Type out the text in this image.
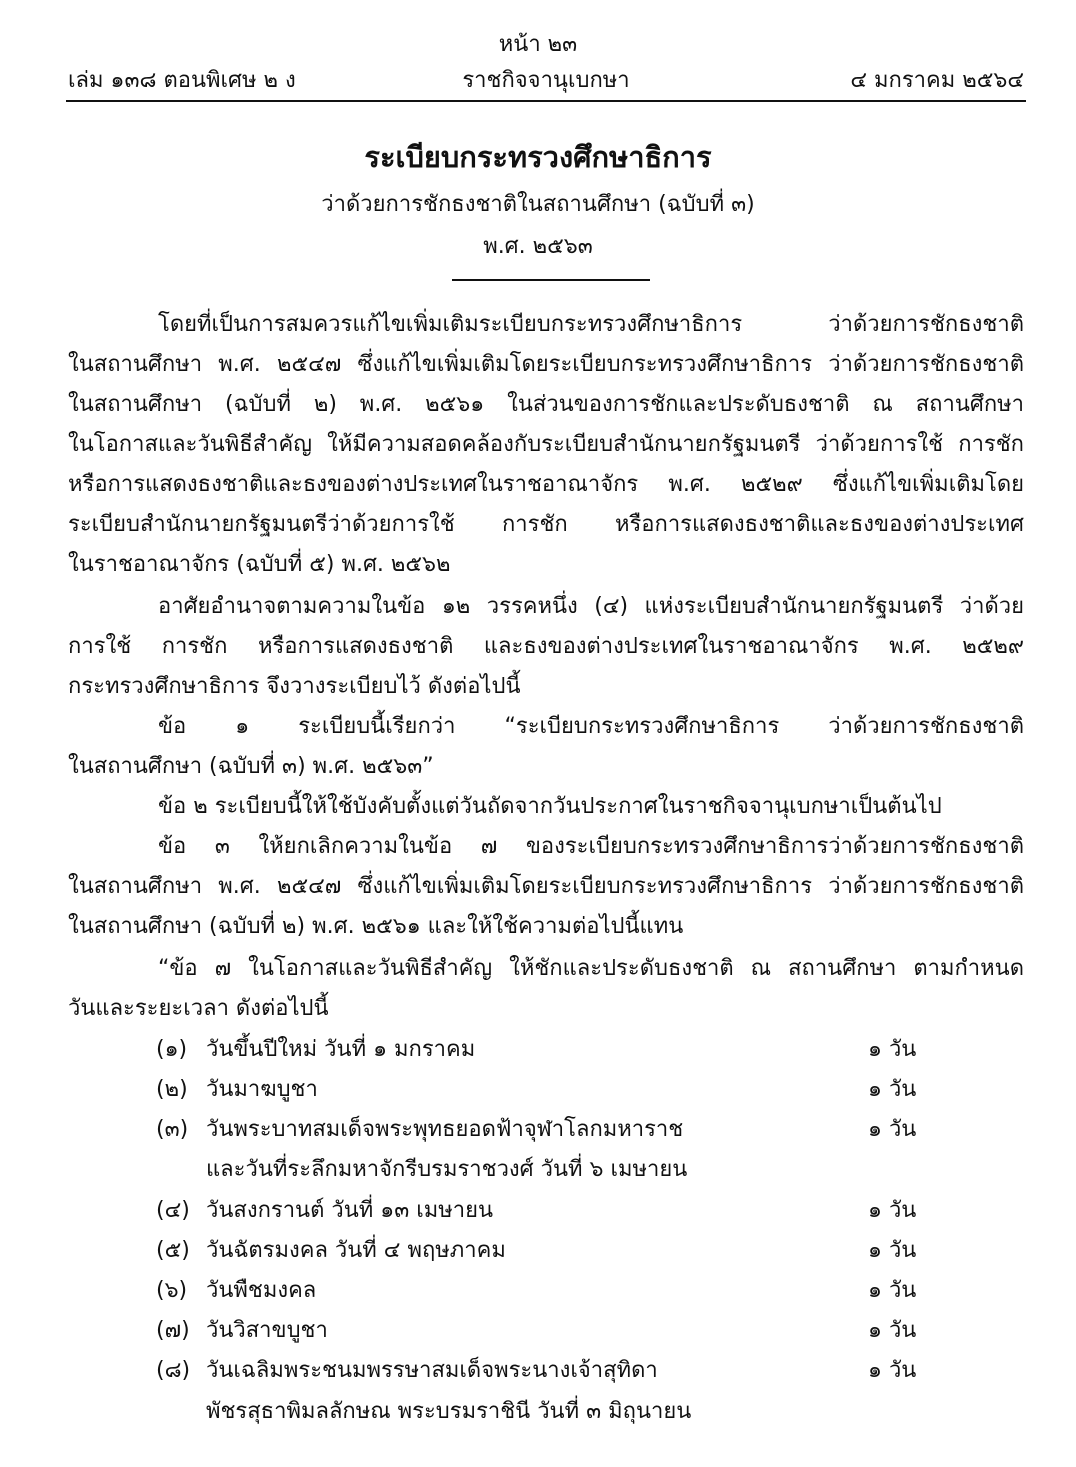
หน้า ๒๓
เล่ม ๑๓๘ ตอนพิเศษ ๒ ง	ราชกิจจานุเบกษา	๔ มกราคม ๒๕๖๔
ระเบียบกระทรวงศึกษาธิการ
ว่าด้วยการชักธงชาติในสถานศึกษา (ฉบับที่ ๓)
พ.ศ. ๒๕๖๓
โดยที่เป็นการสมควรแก้ไขเพิ่มเติมระเบียบกระทรวงศึกษาธิการ ว่าด้วยการชักธงชาติ
ในสถานศึกษา พ.ศ. ๒๕๔๗ ซึ่งแก้ไขเพิ่มเติมโดยระเบียบกระทรวงศึกษาธิการ ว่าด้วยการชักธงชาติ
ในสถานศึกษา (ฉบับที่ ๒) พ.ศ. ๒๕๖๑ ในส่วนของการชักและประดับธงชาติ ณ สถานศึกษา
ในโอกาสและวันพิธีสำคัญ ให้มีความสอดคล้องกับระเบียบสำนักนายกรัฐมนตรี ว่าด้วยการใช้ การชัก
หรือการแสดงธงชาติและธงของต่างประเทศในราชอาณาจักร พ.ศ. ๒๕๒๙ ซึ่งแก้ไขเพิ่มเติมโดย
ระเบียบสำนักนายกรัฐมนตรีว่าด้วยการใช้ การชัก หรือการแสดงธงชาติและธงของต่างประเทศ
ในราชอาณาจักร (ฉบับที่ ๕) พ.ศ. ๒๕๖๒
อาศัยอำนาจตามความในข้อ ๑๒ วรรคหนึ่ง (๔) แห่งระเบียบสำนักนายกรัฐมนตรี ว่าด้วย
การใช้ การชัก หรือการแสดงธงชาติ และธงของต่างประเทศในราชอาณาจักร พ.ศ. ๒๕๒๙
กระทรวงศึกษาธิการ จึงวางระเบียบไว้ ดังต่อไปนี้
ข้อ ๑ ระเบียบนี้เรียกว่า “ระเบียบกระทรวงศึกษาธิการ ว่าด้วยการชักธงชาติ
ในสถานศึกษา (ฉบับที่ ๓) พ.ศ. ๒๕๖๓”
ข้อ ๒ ระเบียบนี้ให้ใช้บังคับตั้งแต่วันถัดจากวันประกาศในราชกิจจานุเบกษาเป็นต้นไป
ข้อ ๓ ให้ยกเลิกความในข้อ ๗ ของระเบียบกระทรวงศึกษาธิการว่าด้วยการชักธงชาติ
ในสถานศึกษา พ.ศ. ๒๕๔๗ ซึ่งแก้ไขเพิ่มเติมโดยระเบียบกระทรวงศึกษาธิการ ว่าด้วยการชักธงชาติ
ในสถานศึกษา (ฉบับที่ ๒) พ.ศ. ๒๕๖๑ และให้ใช้ความต่อไปนี้แทน
“ข้อ ๗ ในโอกาสและวันพิธีสำคัญ ให้ชักและประดับธงชาติ ณ สถานศึกษา ตามกำหนด
วันและระยะเวลา ดังต่อไปนี้
(๑) วันขึ้นปีใหม่ วันที่ ๑ มกราคม	๑ วัน
(๒) วันมาฆบูชา	๑ วัน
(๓) วันพระบาทสมเด็จพระพุทธยอดฟ้าจุฬาโลกมหาราช	๑ วัน
และวันที่ระลึกมหาจักรีบรมราชวงศ์ วันที่ ๖ เมษายน
(๔) วันสงกรานต์ วันที่ ๑๓ เมษายน	๑ วัน
(๕) วันฉัตรมงคล วันที่ ๔ พฤษภาคม	๑ วัน
(๖) วันพืชมงคล	๑ วัน
(๗) วันวิสาขบูชา	๑ วัน
(๘) วันเฉลิมพระชนมพรรษาสมเด็จพระนางเจ้าสุทิดา	๑ วัน
พัชรสุธาพิมลลักษณ พระบรมราชินี วันที่ ๓ มิถุนายน
